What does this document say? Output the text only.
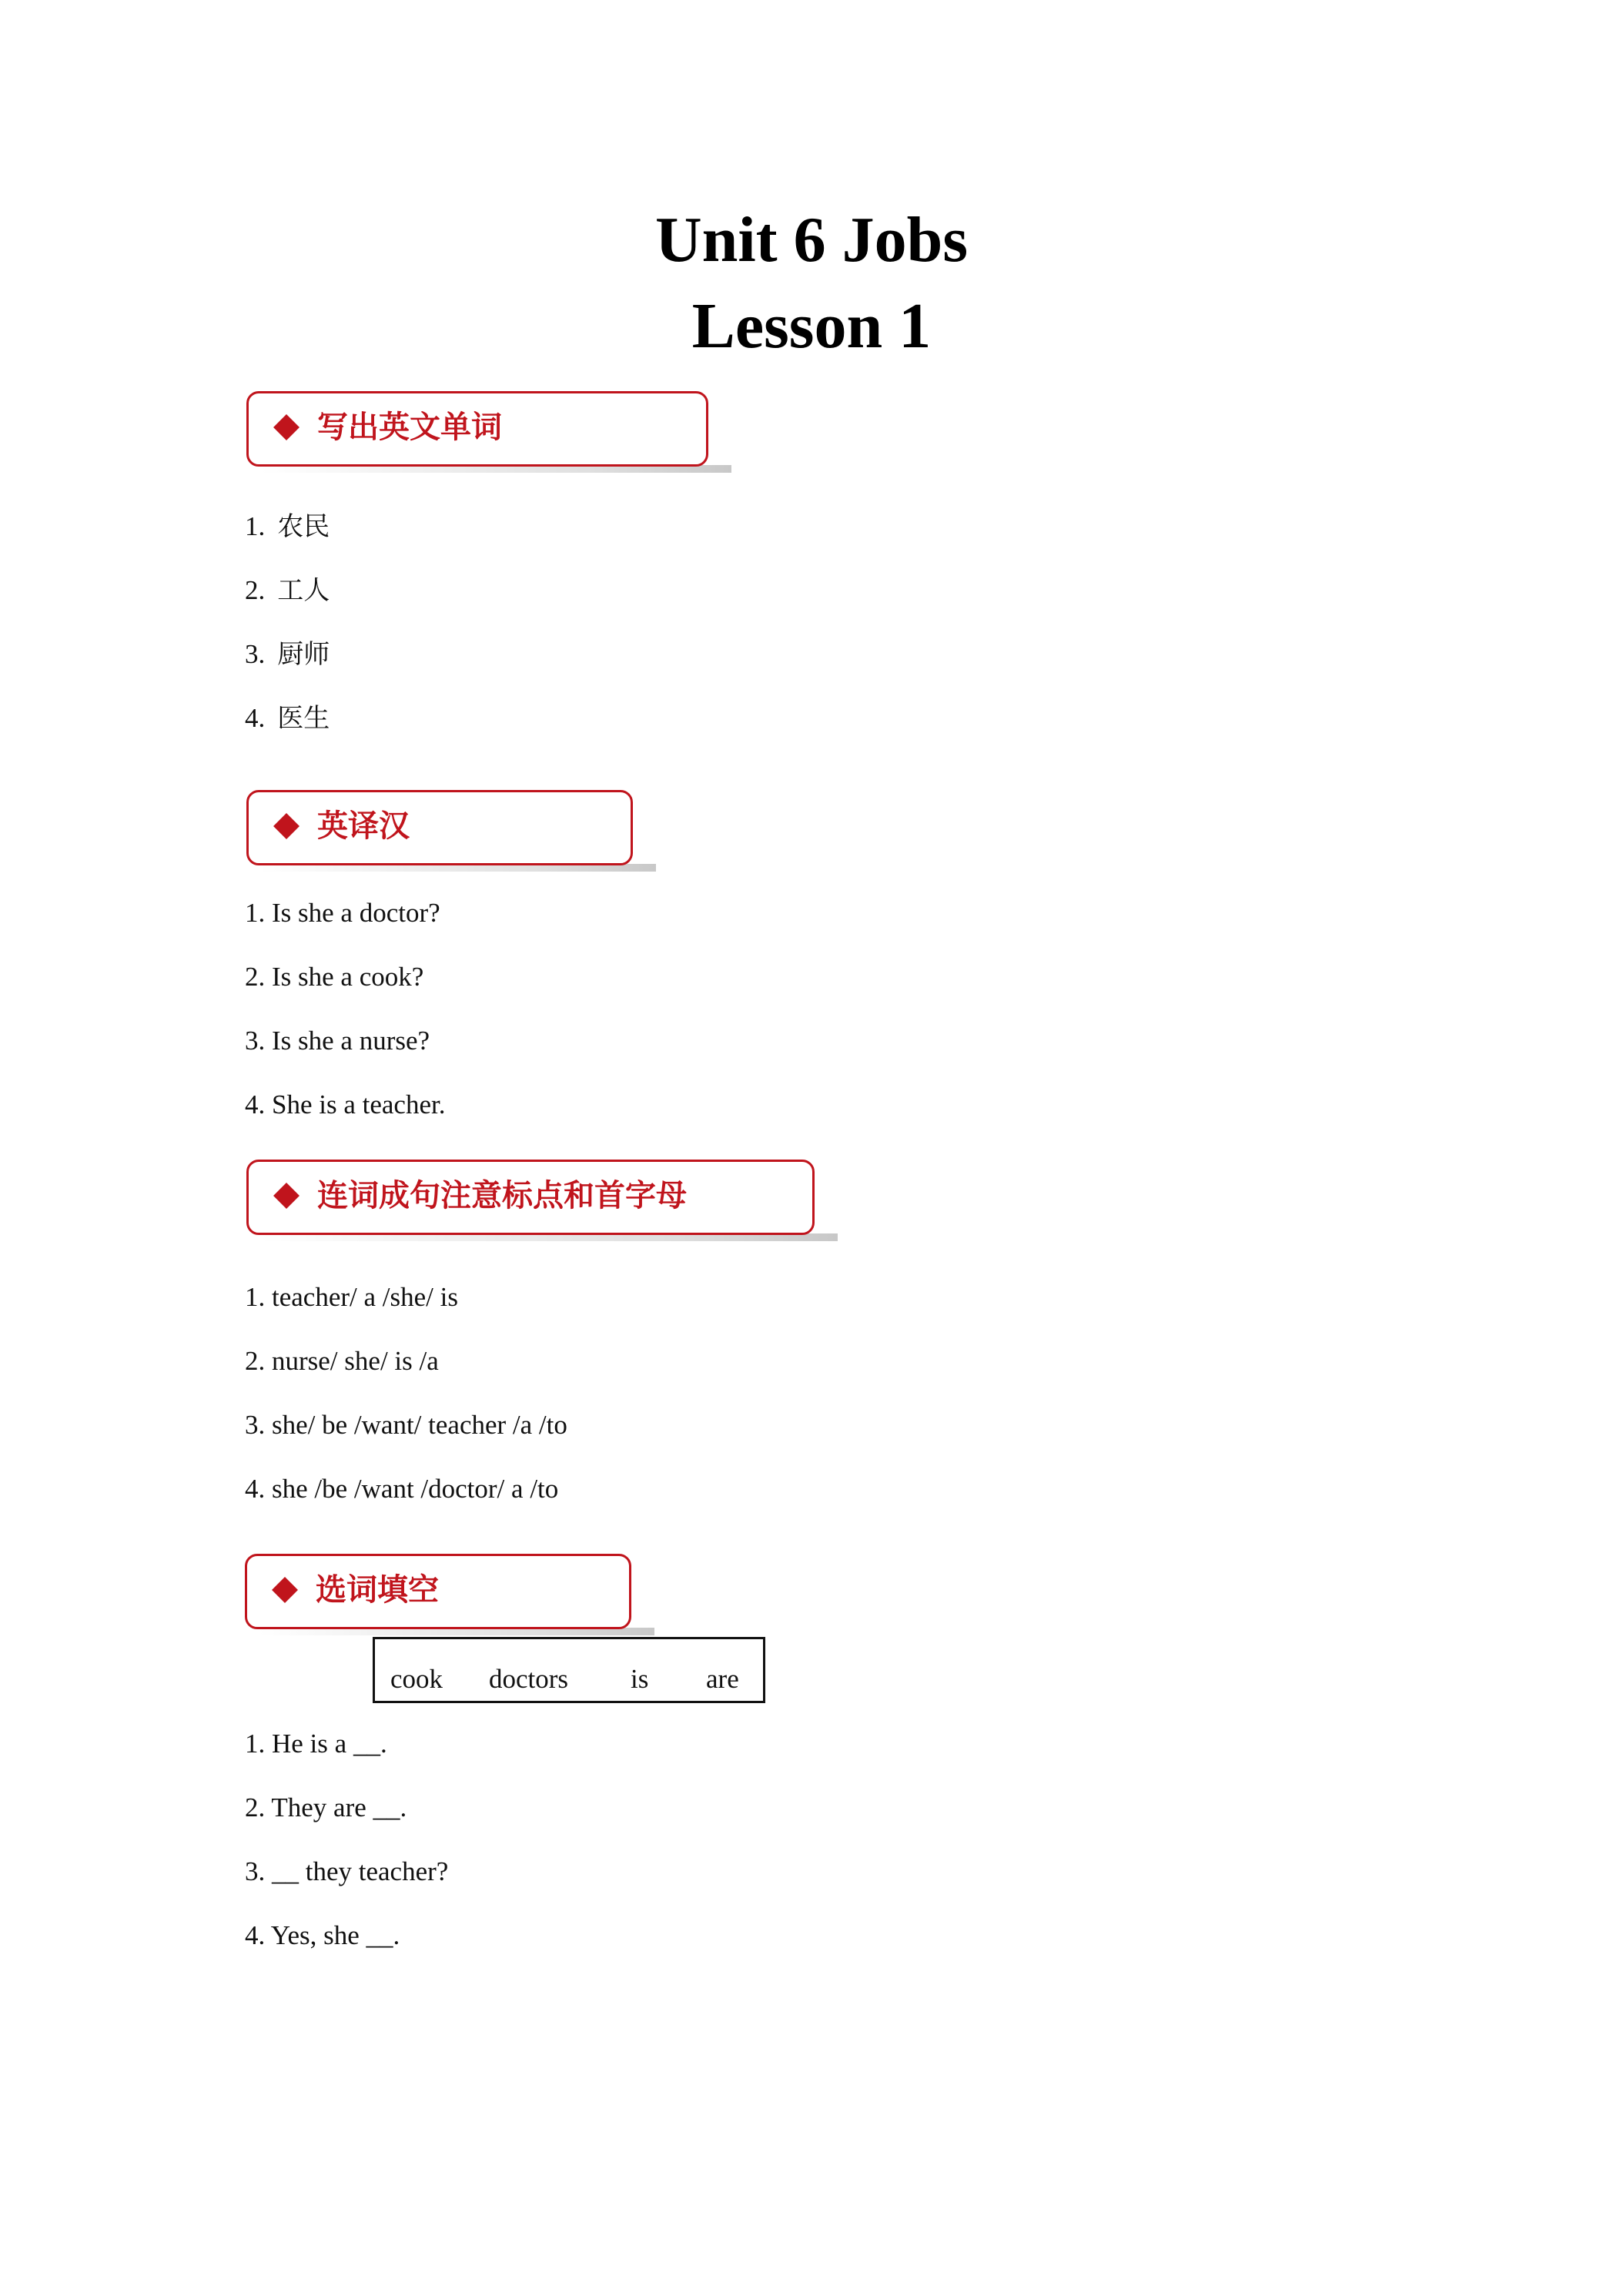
Unit 6 Jobs
Lesson 1
写出英文单词
1. 农民
2. 工人
3. 厨师
4. 医生
英译汉
1. Is she a doctor?
2. Is she a cook?
3. Is she a nurse?
4. She is a teacher.
连词成句注意标点和首字母
1. teacher/ a /she/ is
2. nurse/ she/ is /a
3. she/ be /want/ teacher /a /to
4. she /be /want /doctor/ a /to
选词填空
cook doctors is are
1. He is a __.
2. They are __.
3. __ they teacher?
4. Yes, she __.
